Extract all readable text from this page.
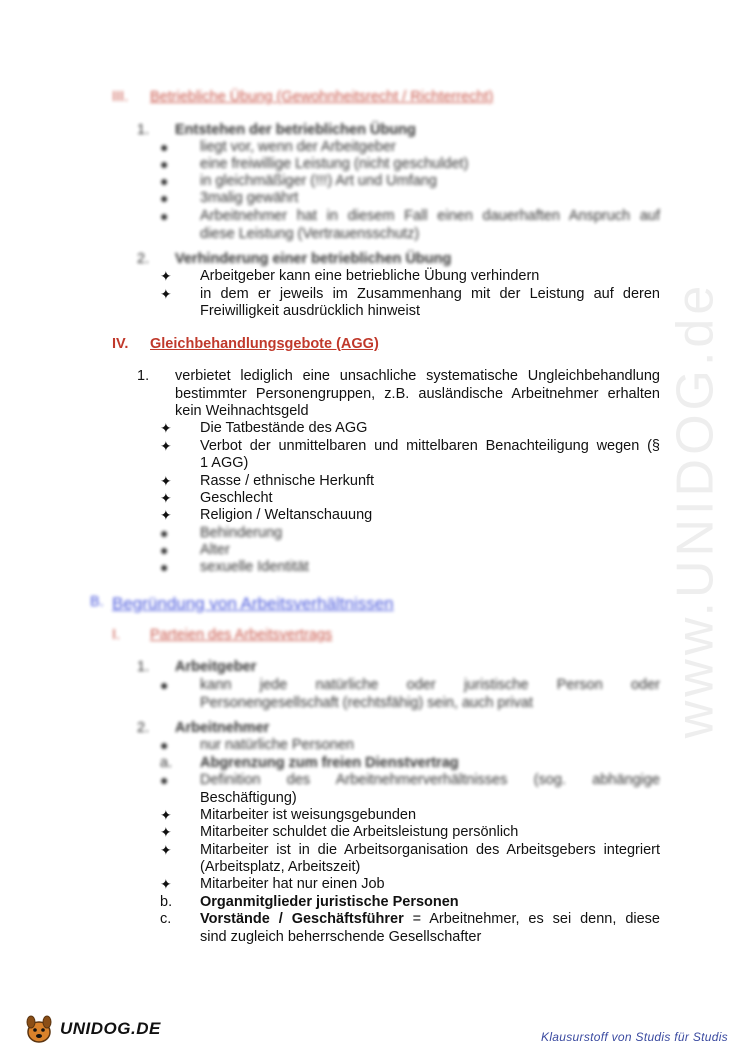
www.UNIDOG.de
III. Betriebliche Übung (Gewohnheitsrecht / Richterrecht)
1. Entstehen der betrieblichen Übung
● liegt vor, wenn der Arbeitgeber
● eine freiwillige Leistung (nicht geschuldet)
● in gleichmäßiger (!!!) Art und Umfang
● 3malig gewährt
● Arbeitnehmer hat in diesem Fall einen dauerhaften Anspruch auf
diese Leistung (Vertrauensschutz)
2. Verhinderung einer betrieblichen Übung
✦ Arbeitgeber kann eine betriebliche Übung verhindern
✦ in dem er jeweils im Zusammenhang mit der Leistung auf deren
Freiwilligkeit ausdrücklich hinweist
IV. Gleichbehandlungsgebote (AGG)
1. verbietet lediglich eine unsachliche systematische Ungleichbehandlung
bestimmter Personengruppen, z.B. ausländische Arbeitnehmer erhalten
kein Weihnachtsgeld
✦ Die Tatbestände des AGG
✦ Verbot der unmittelbaren und mittelbaren Benachteiligung wegen (§
1 AGG)
✦ Rasse / ethnische Herkunft
✦ Geschlecht
✦ Religion / Weltanschauung
● Behinderung
● Alter
● sexuelle Identität
B. Begründung von Arbeitsverhältnissen
I. Parteien des Arbeitsvertrags
1. Arbeitgeber
● kann jede natürliche oder juristische Person oder
Personengesellschaft (rechtsfähig) sein, auch privat
2. Arbeitnehmer
● nur natürliche Personen
a. Abgrenzung zum freien Dienstvertrag
● Definition des Arbeitnehmerverhältnisses (sog. abhängige
Beschäftigung)
✦ Mitarbeiter ist weisungsgebunden
✦ Mitarbeiter schuldet die Arbeitsleistung persönlich
✦ Mitarbeiter ist in die Arbeitsorganisation des Arbeitsgebers integriert
(Arbeitsplatz, Arbeitszeit)
✦ Mitarbeiter hat nur einen Job
b. Organmitglieder juristische Personen
c. Vorstände / Geschäftsführer = Arbeitnehmer, es sei denn, diese
sind zugleich beherrschende Gesellschafter
UNIDOG.DE	Klausurstoff von Studis für Studis
